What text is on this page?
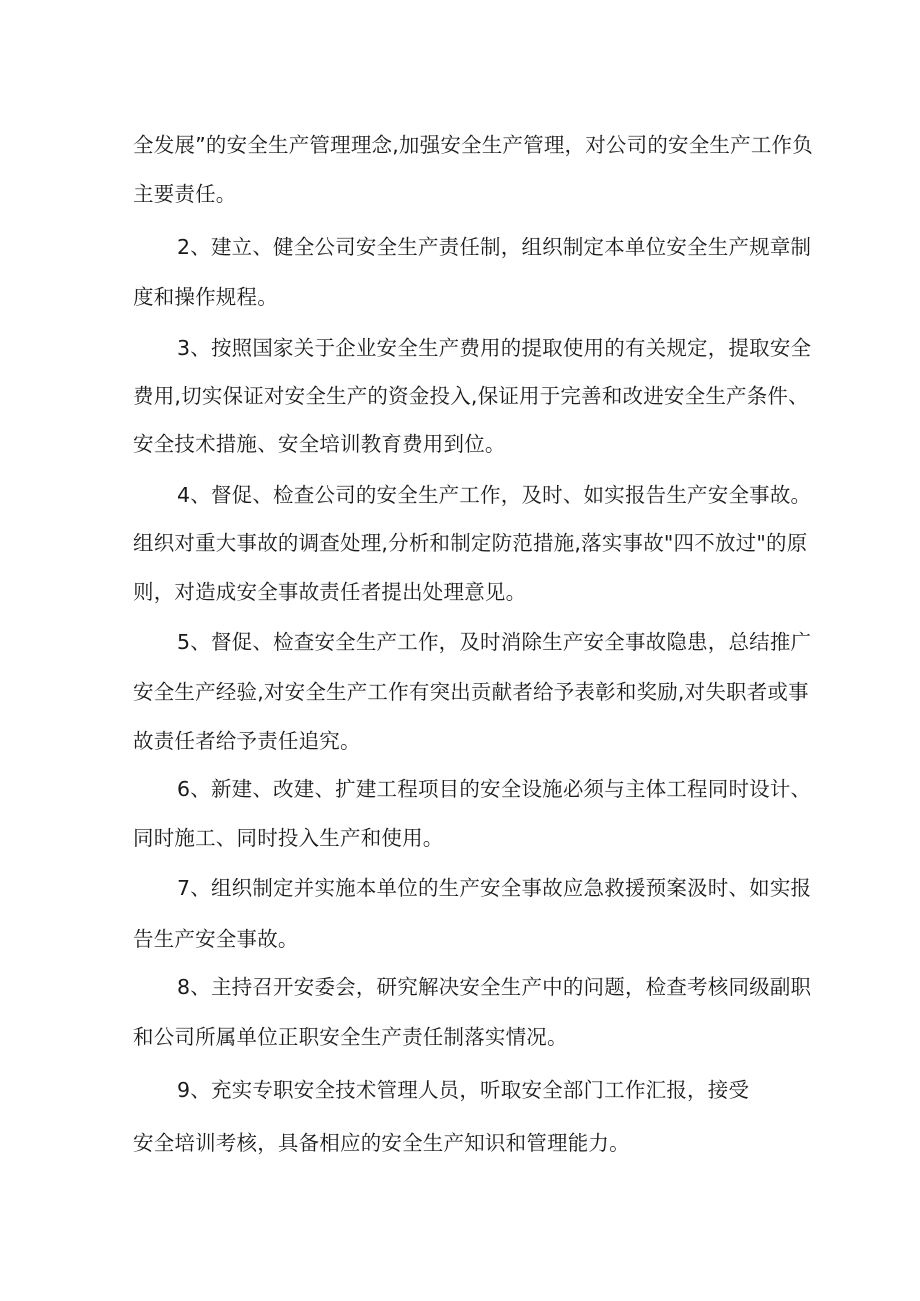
全发展”的安全生产管理理念,加强安全生产管理，对公司的安全生产工作负
主要责任。
2、建立、健全公司安全生产责任制，组织制定本单位安全生产规章制
度和操作规程。
3、按照国家关于企业安全生产费用的提取使用的有关规定，提取安全
费用,切实保证对安全生产的资金投入,保证用于完善和改进安全生产条件、
安全技术措施、安全培训教育费用到位。
4、督促、检查公司的安全生产工作，及时、如实报告生产安全事故。
组织对重大事故的调查处理,分析和制定防范措施,落实事故"四不放过"的原
则，对造成安全事故责任者提出处理意见。
5、督促、检查安全生产工作，及时消除生产安全事故隐患，总结推广
安全生产经验,对安全生产工作有突出贡献者给予表彰和奖励,对失职者或事
故责任者给予责任追究。
6、新建、改建、扩建工程项目的安全设施必须与主体工程同时设计、
同时施工、同时投入生产和使用。
7、组织制定并实施本单位的生产安全事故应急救援预案汲时、如实报
告生产安全事故。
8、主持召开安委会，研究解决安全生产中的问题，检查考核同级副职
和公司所属单位正职安全生产责任制落实情况。
9、充实专职安全技术管理人员，听取安全部门工作汇报，接受
安全培训考核，具备相应的安全生产知识和管理能力。
